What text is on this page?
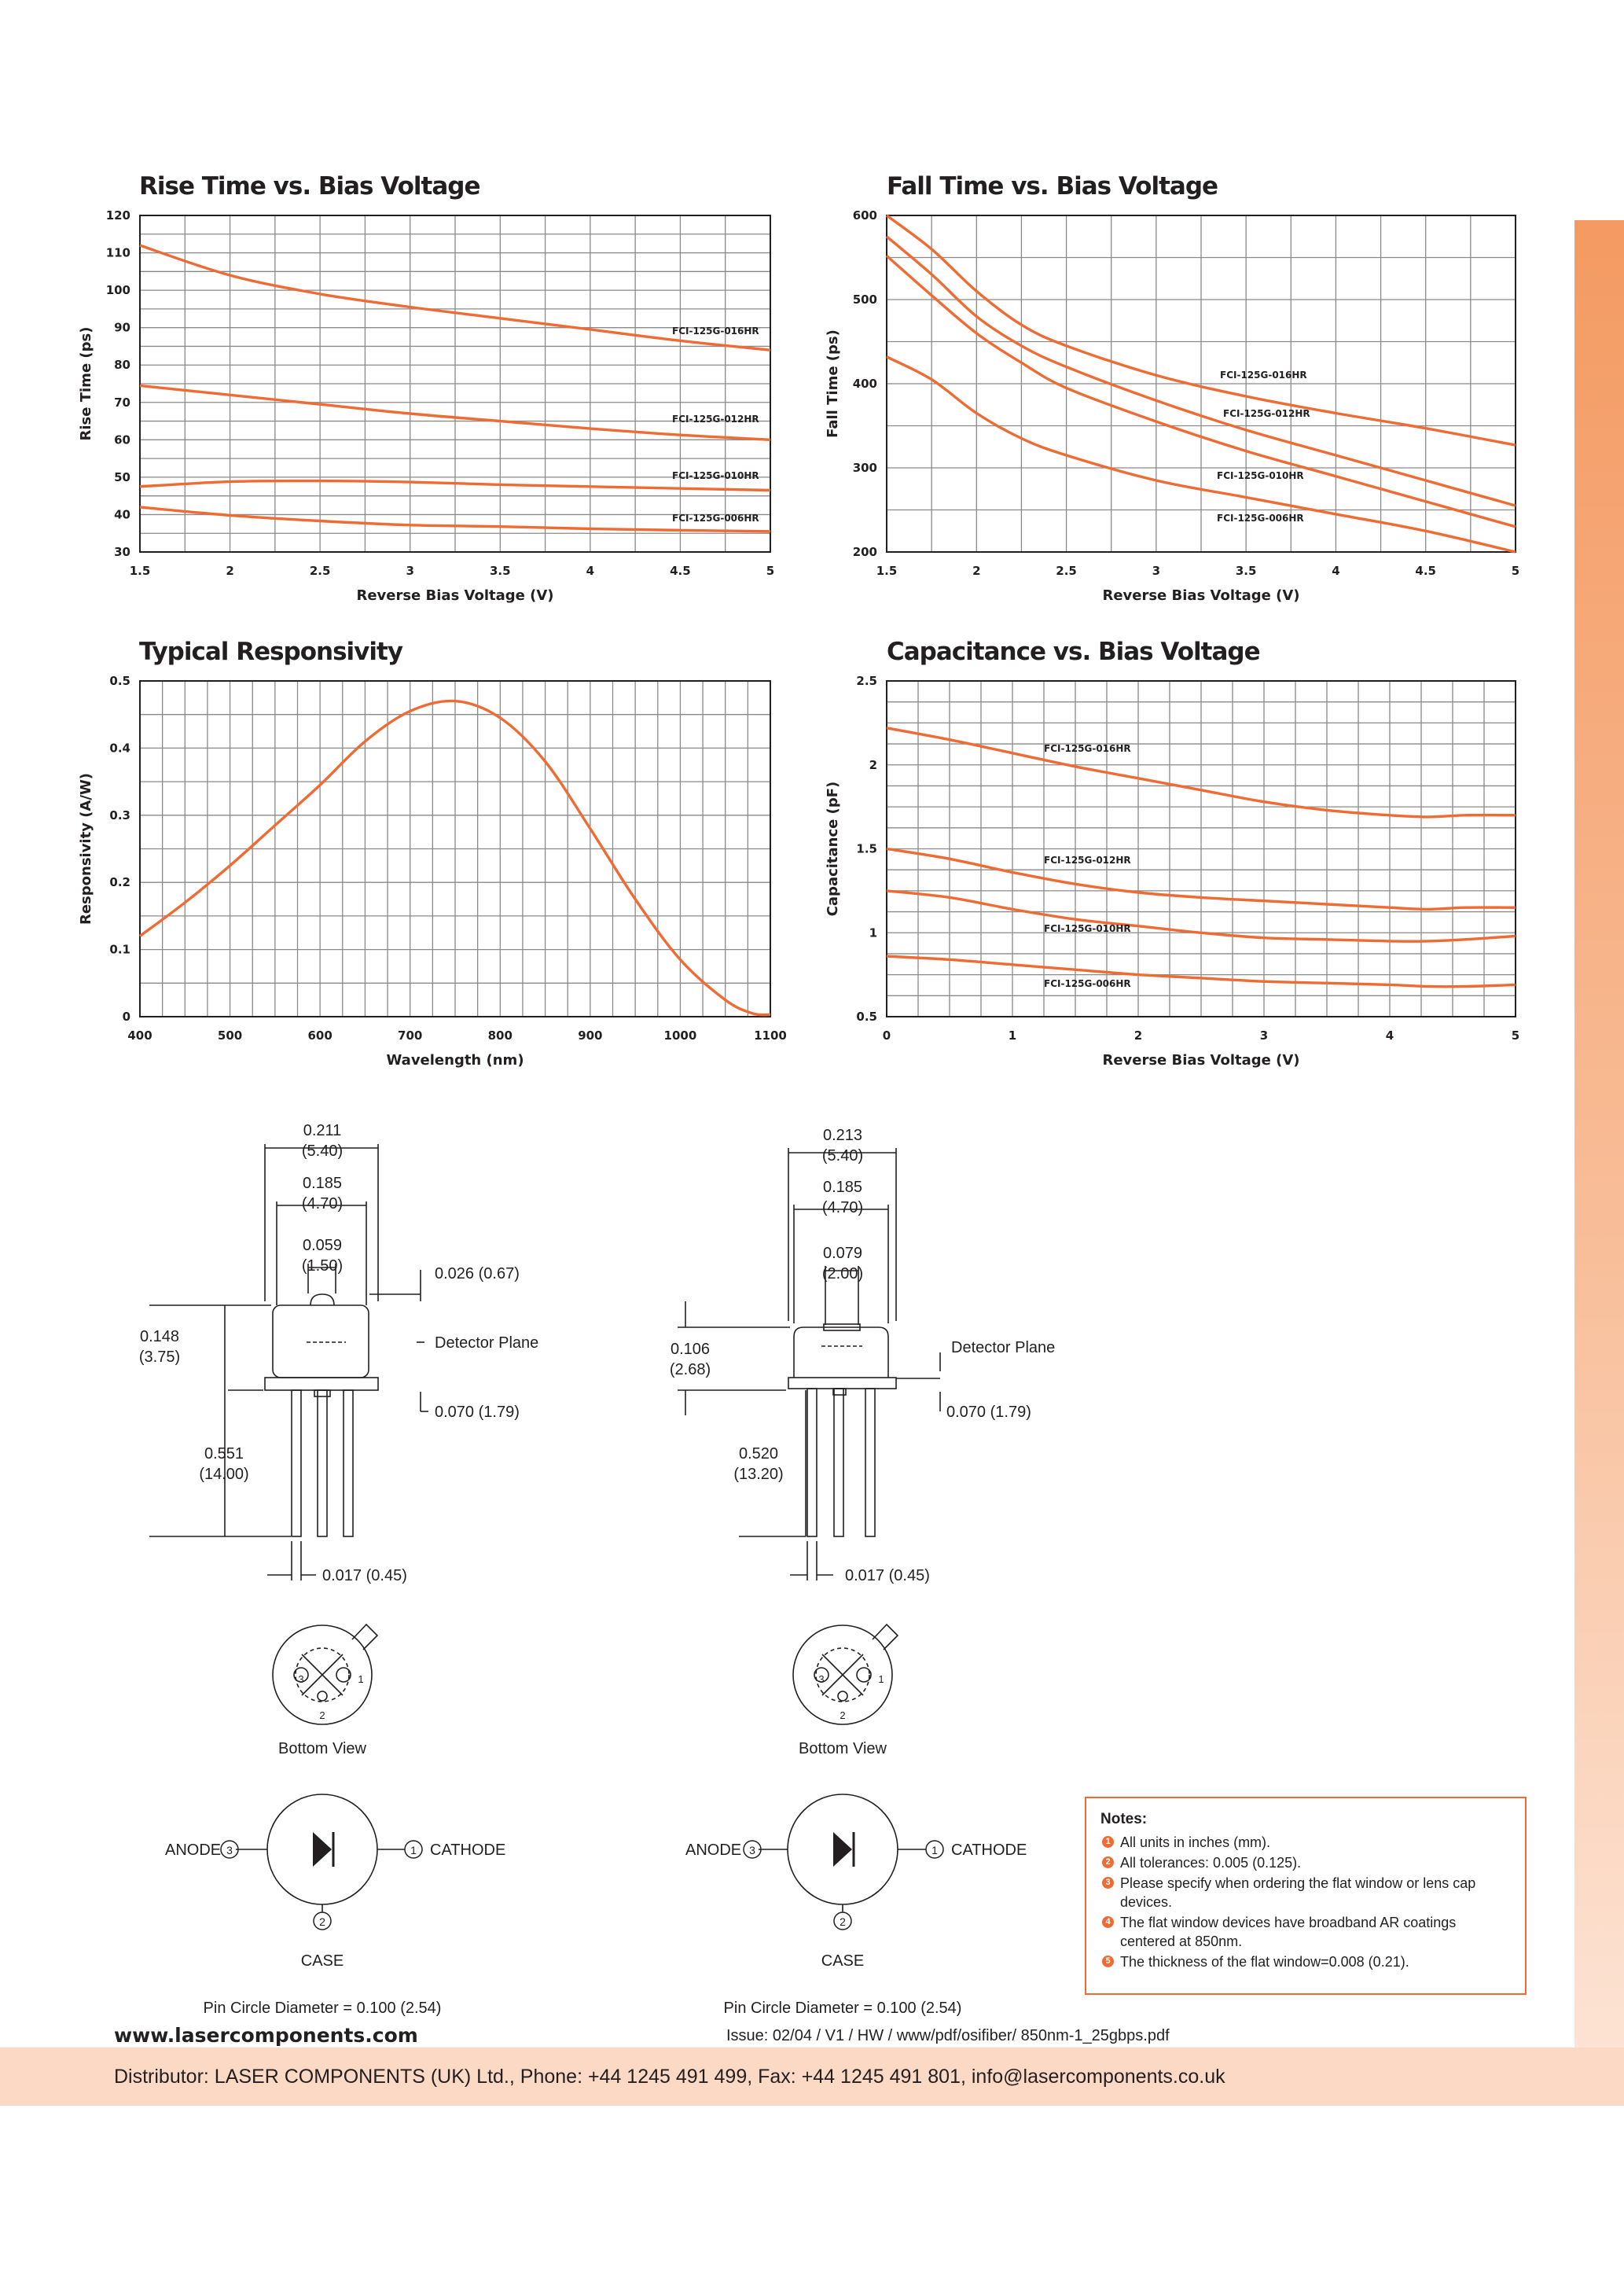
Rise Time vs. Bias Voltage	Fall Time vs. Bias Voltage
Typical Responsivity	Capacitance vs. Bias Voltage
1.5	2	2.5	3	3.5	4	4.5	5
30
40
50
60
70
80
90
100
110
120
Reverse Bias Voltage (V)
Rise Time (ps)	FCI-125G-016HR
FCI-125G-012HR
FCI-125G-010HR
FCI-125G-006HR
1.5	2	2.5	3	3.5	4	4.5	5
200
300
400
500
600
Reverse Bias Voltage (V)
Fall Time (ps)	FCI-125G-016HR
FCI-125G-012HR
FCI-125G-010HR
FCI-125G-006HR
400	500	600	700	800	900	1000	1100
0
0.1
0.2
0.3
0.4
0.5
Wavelength (nm)
Responsivity (A/W)
0	1	2	3	4	5
0.5
1
1.5
2
2.5
Reverse Bias Voltage (V)
Capacitance (pF)
FCI-125G-016HR
FCI-125G-012HR
FCI-125G-010HR
FCI-125G-006HR
0.211
(5.40)
0.185
(4.70)
0.059
(1.50)
0.148
(3.75)
0.551
(14.00)
3	1
2
Bottom View
3	1
2
CASE
Pin Circle Diameter = 0.100 (2.54)
0.026 (0.67)
Detector Plane
0.070 (1.79)
0.017 (0.45)
ANODE	CATHODE
0.213
(5.40)
0.185
(4.70)
0.079
(2.00)
0.106
(2.68)
0.520
(13.20)
3	1
2
Bottom View
3	1
2
CASE
Pin Circle Diameter = 0.100 (2.54)
Detector Plane
0.070 (1.79)
0.017 (0.45)
ANODE	CATHODE
Notes:
1 All units in inches (mm).
2 All tolerances: 0.005 (0.125).
3 Please specify when ordering the flat window or lens cap devices.
4 The flat window devices have broadband AR coatings centered at 850nm.
5 The thickness of the flat window=0.008 (0.21).
www.lasercomponents.com	Issue: 02/04 / V1 / HW / www/pdf/osifiber/ 850nm-1_25gbps.pdf
Distributor: LASER COMPONENTS (UK) Ltd., Phone: +44 1245 491 499, Fax: +44 1245 491 801, info@lasercomponents.co.uk
